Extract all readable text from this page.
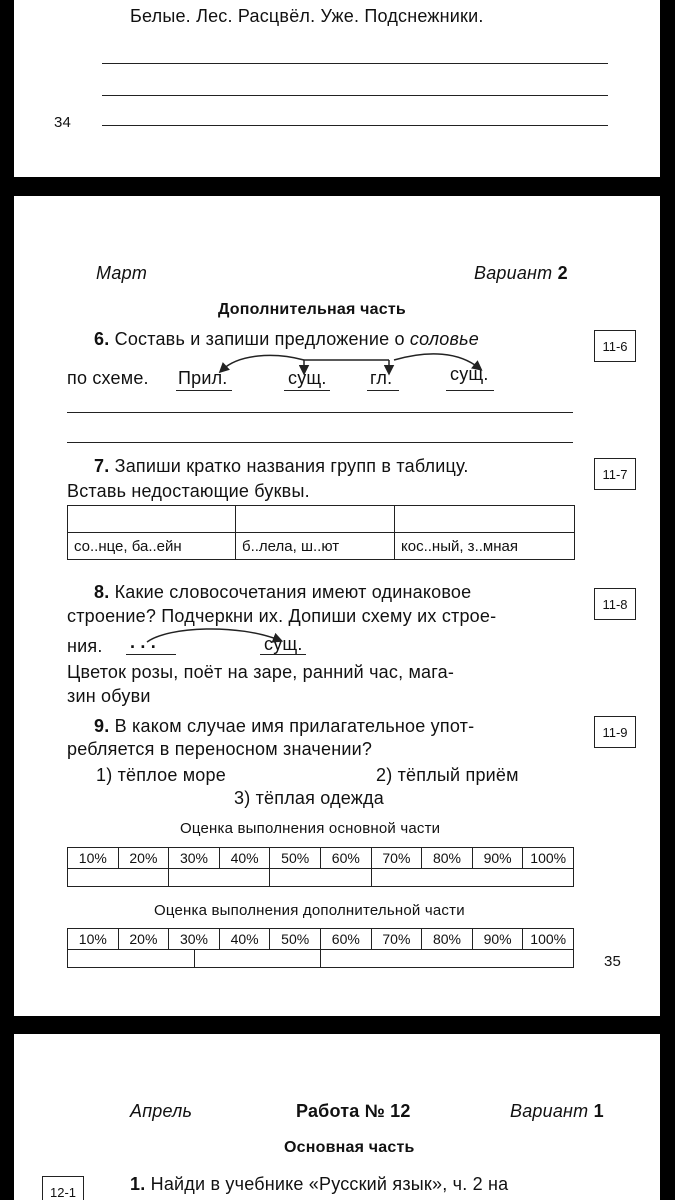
Белые. Лес. Расцвёл. Уже. Подснежники.
34
Март	Вариант 2
Дополнительная часть
6. Составь и запиши предложение о соловье	11-6
по схеме. Прил.	сущ. гл.	сущ.
7. Запиши кратко названия групп в таблицу.	11-7
Вставь недостающие буквы.
со..нце, ба..ейн	б..лела, ш..ют	кос..ный, з..мная
8. Какие словосочетания имеют одинаковое
11-8
строение? Подчеркни их. Допиши схему их строе-
ния. . . .	сущ.
Цветок розы, поёт на заре, ранний час, мага-
зин обуви
9. В каком случае имя прилагательное упот-	11-9
ребляется в переносном значении?
1) тёплое море	2) тёплый приём
3) тёплая одежда
Оценка выполнения основной части
10%	20%	30%	40%	50%	60%	70%	80%	90%	100%
Оценка выполнения дополнительной части
10%	20%	30%	40%	50%	60%	70%	80%	90%	100%
35
Апрель	Работа № 12	Вариант 1
Основная часть
1. Найди в учебнике «Русский язык», ч. 2 на
12-1
